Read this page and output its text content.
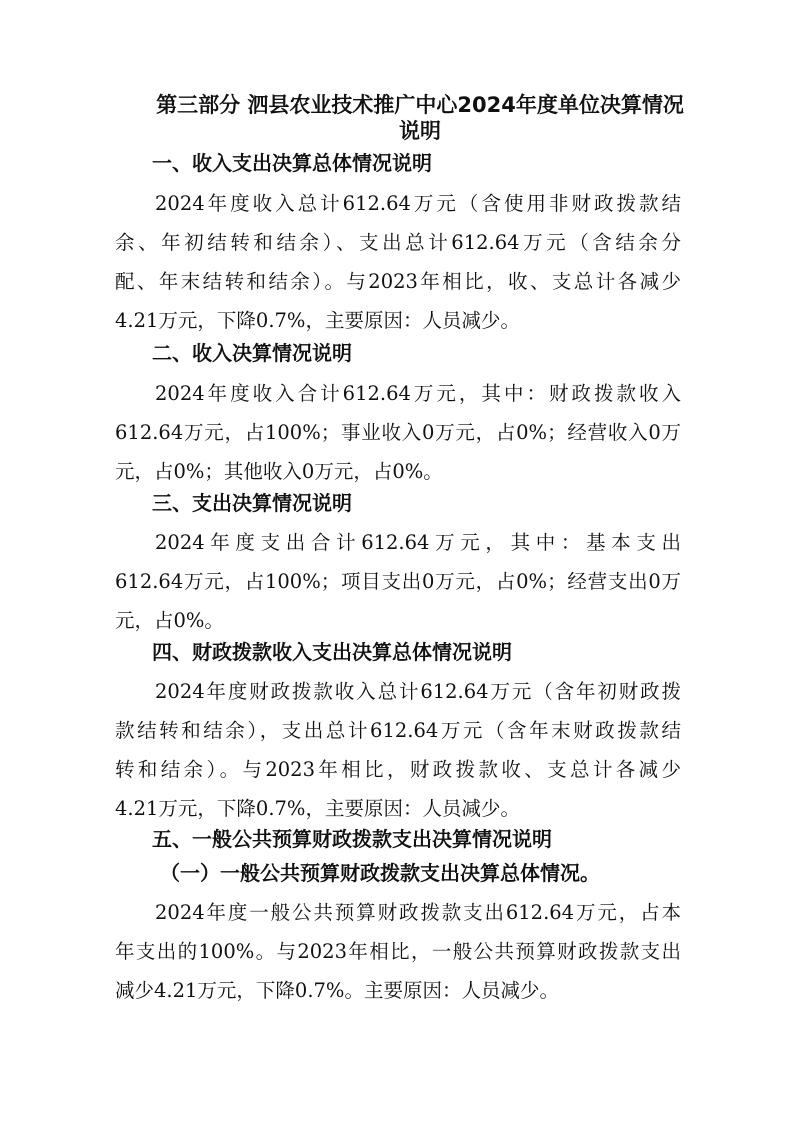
第三部分 泗县农业技术推广中心2024年度单位决算情况
说明
一、收入支出决算总体情况说明
2024年度收入总计612.64万元（含使用非财政拨款结
余、年初结转和结余）、支出总计612.64万元（含结余分
配、年末结转和结余）。与2023年相比，收、支总计各减少
4.21万元，下降0.7%，主要原因：人员减少。
二、收入决算情况说明
2024年度收入合计612.64万元，其中：财政拨款收入
612.64万元，占100%；事业收入0万元，占0%；经营收入0万
元，占0%；其他收入0万元，占0%。
三、支出决算情况说明
2024年度支出合计612.64万元，其中：基本支出
612.64万元，占100%；项目支出0万元，占0%；经营支出0万
元，占0%。
四、财政拨款收入支出决算总体情况说明
2024年度财政拨款收入总计612.64万元（含年初财政拨
款结转和结余），支出总计612.64万元（含年末财政拨款结
转和结余）。与2023年相比，财政拨款收、支总计各减少
4.21万元，下降0.7%，主要原因：人员减少。
五、一般公共预算财政拨款支出决算情况说明
（一）一般公共预算财政拨款支出决算总体情况。
2024年度一般公共预算财政拨款支出612.64万元，占本
年支出的100%。与2023年相比，一般公共预算财政拨款支出
减少4.21万元，下降0.7%。主要原因：人员减少。
